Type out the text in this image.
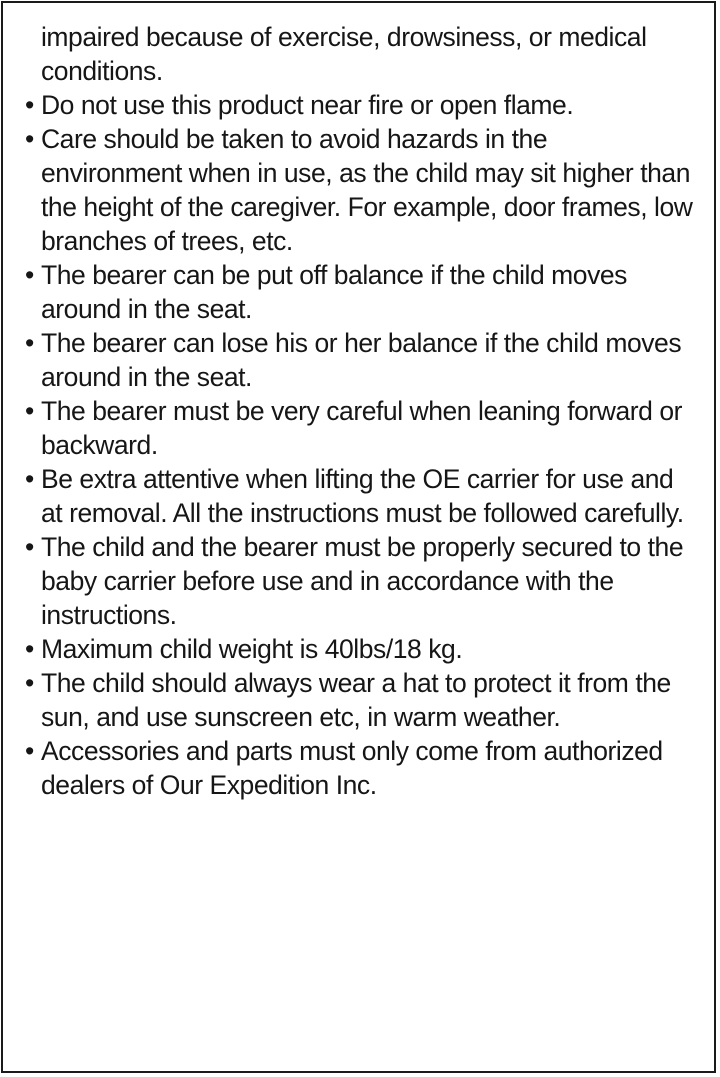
impaired because of exercise, drowsiness, or medical
conditions.
• Do not use this product near fire or open flame.
• Care should be taken to avoid hazards in the
environment when in use, as the child may sit higher than
the height of the caregiver. For example, door frames, low
branches of trees, etc.
• The bearer can be put off balance if the child moves
around in the seat.
• The bearer can lose his or her balance if the child moves
around in the seat.
• The bearer must be very careful when leaning forward or
backward.
• Be extra attentive when lifting the OE carrier for use and
at removal. All the instructions must be followed carefully.
• The child and the bearer must be properly secured to the
baby carrier before use and in accordance with the
instructions.
• Maximum child weight is 40lbs/18 kg.
• The child should always wear a hat to protect it from the
sun, and use sunscreen etc, in warm weather.
• Accessories and parts must only come from authorized
dealers of Our Expedition Inc.
